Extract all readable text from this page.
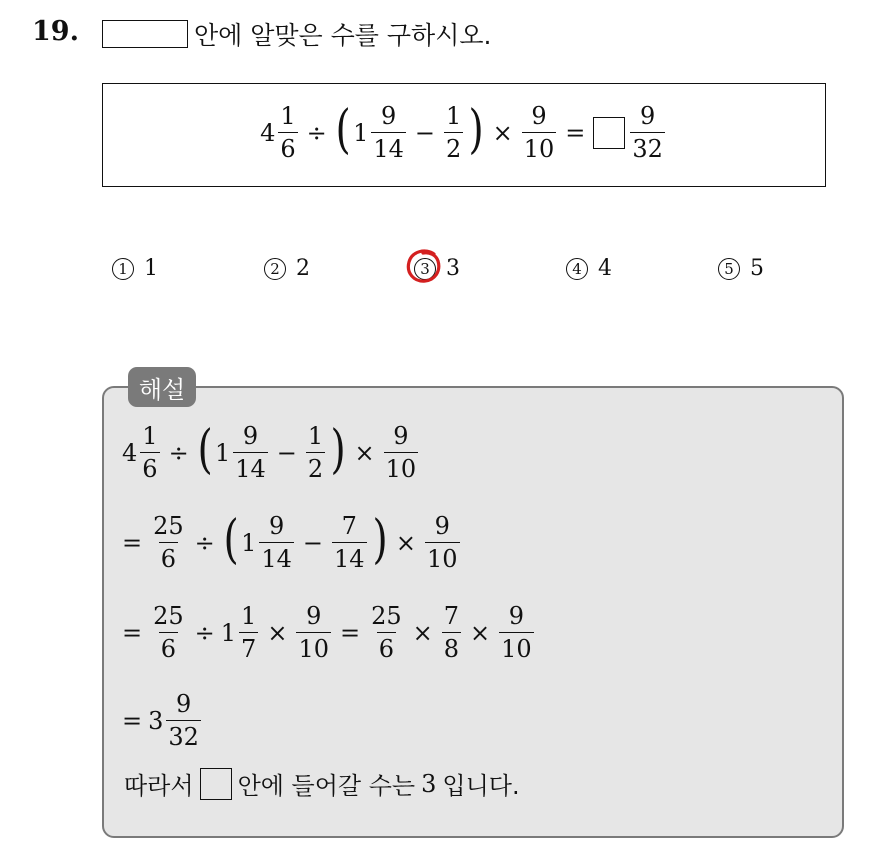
19.	안에 알맞은 수를 구하시오.
$4 \frac{1}{6}$ ÷ ( $1 \frac{9}{14} - \frac{1}{2}$ ) × $\frac{9}{10} = \frac{9}{32}$
1 1	2 2	3 3	4 4	5 5
해설
$4 \frac{1}{6}$ ÷ ( $1 \frac{9}{14} - \frac{1}{2}$ ) × $\frac{9}{10}$
= $\frac{25}{6}$ ÷ ( $1 \frac{9}{14} - \frac{7}{14}$ ) × $\frac{9}{10}$
= $\frac{25}{6} \div 1 \frac{1}{7} \times \frac{9}{10} = \frac{25}{6} \times \frac{7}{8} \times \frac{9}{10}$
= $3 \frac{9}{32}$
따라서 안에 들어갈 수는 3 입니다.
